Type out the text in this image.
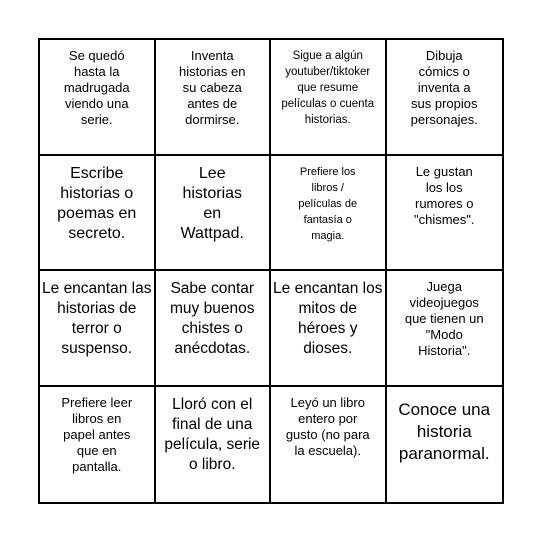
Se quedó hasta la madrugada viendo una serie.
Inventa historias en su cabeza antes de dormirse.
Sigue a algún youtuber/tiktoker que resume películas o cuenta historias.
Dibuja cómics o inventa a sus propios personajes.
Escribe historias o poemas en secreto.
Lee historias en Wattpad.
Prefiere los libros / películas de fantasía o magia.
Le gustan los los rumores o "chismes".
Le encantan las historias de terror o suspenso.
Sabe contar muy buenos chistes o anécdotas.
Le encantan los mitos de héroes y dioses.
Juega videojuegos que tienen un "Modo Historia".
Prefiere leer libros en papel antes que en pantalla.
Lloró con el final de una película, serie o libro.
Leyó un libro entero por gusto (no para la escuela).
Conoce una historia paranormal.
